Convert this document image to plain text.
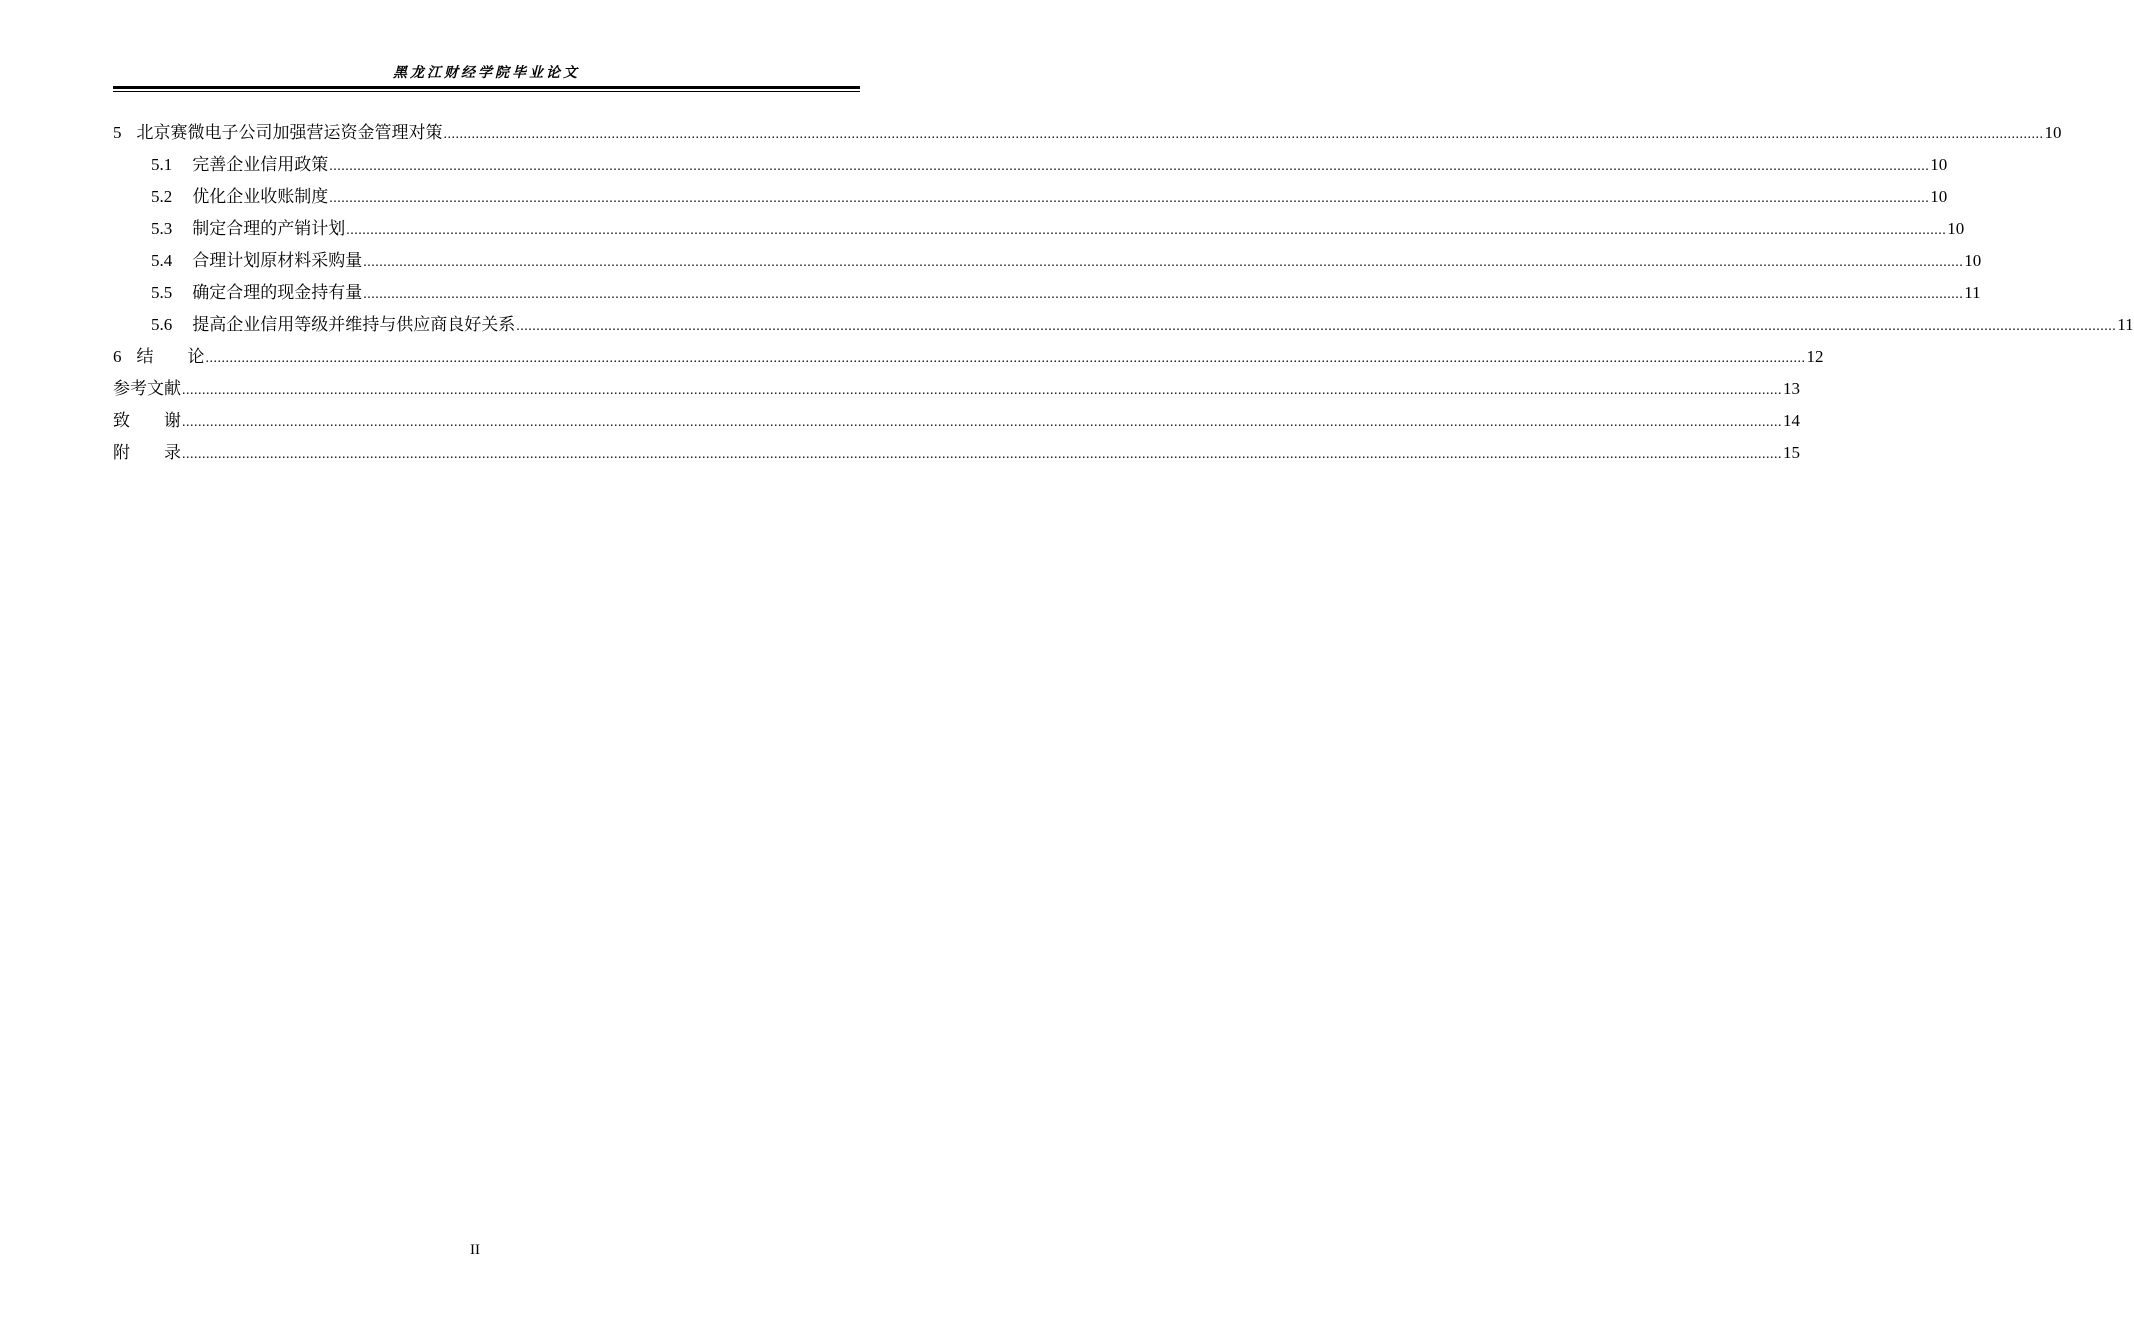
黑龙江财经学院毕业论文
5 北京赛微电子公司加强营运资金管理对策 ................................................................................................................................................................................................................................................................................................................................................................................................................ 10
5.1 完善企业信用政策 ................................................................................................................................................................................................................................................................................................................................................................................................................ 10
5.2 优化企业收账制度 ................................................................................................................................................................................................................................................................................................................................................................................................................ 10
5.3 制定合理的产销计划 ................................................................................................................................................................................................................................................................................................................................................................................................................ 10
5.4 合理计划原材料采购量 ................................................................................................................................................................................................................................................................................................................................................................................................................ 10
5.5 确定合理的现金持有量 ................................................................................................................................................................................................................................................................................................................................................................................................................ 11
5.6 提高企业信用等级并维持与供应商良好关系 ................................................................................................................................................................................................................................................................................................................................................................................................................ 11
6 结　　论 ................................................................................................................................................................................................................................................................................................................................................................................................................ 12
参考文献 ................................................................................................................................................................................................................................................................................................................................................................................................................ 13
致　　谢 ................................................................................................................................................................................................................................................................................................................................................................................................................ 14
附　　录 ................................................................................................................................................................................................................................................................................................................................................................................................................ 15
II
